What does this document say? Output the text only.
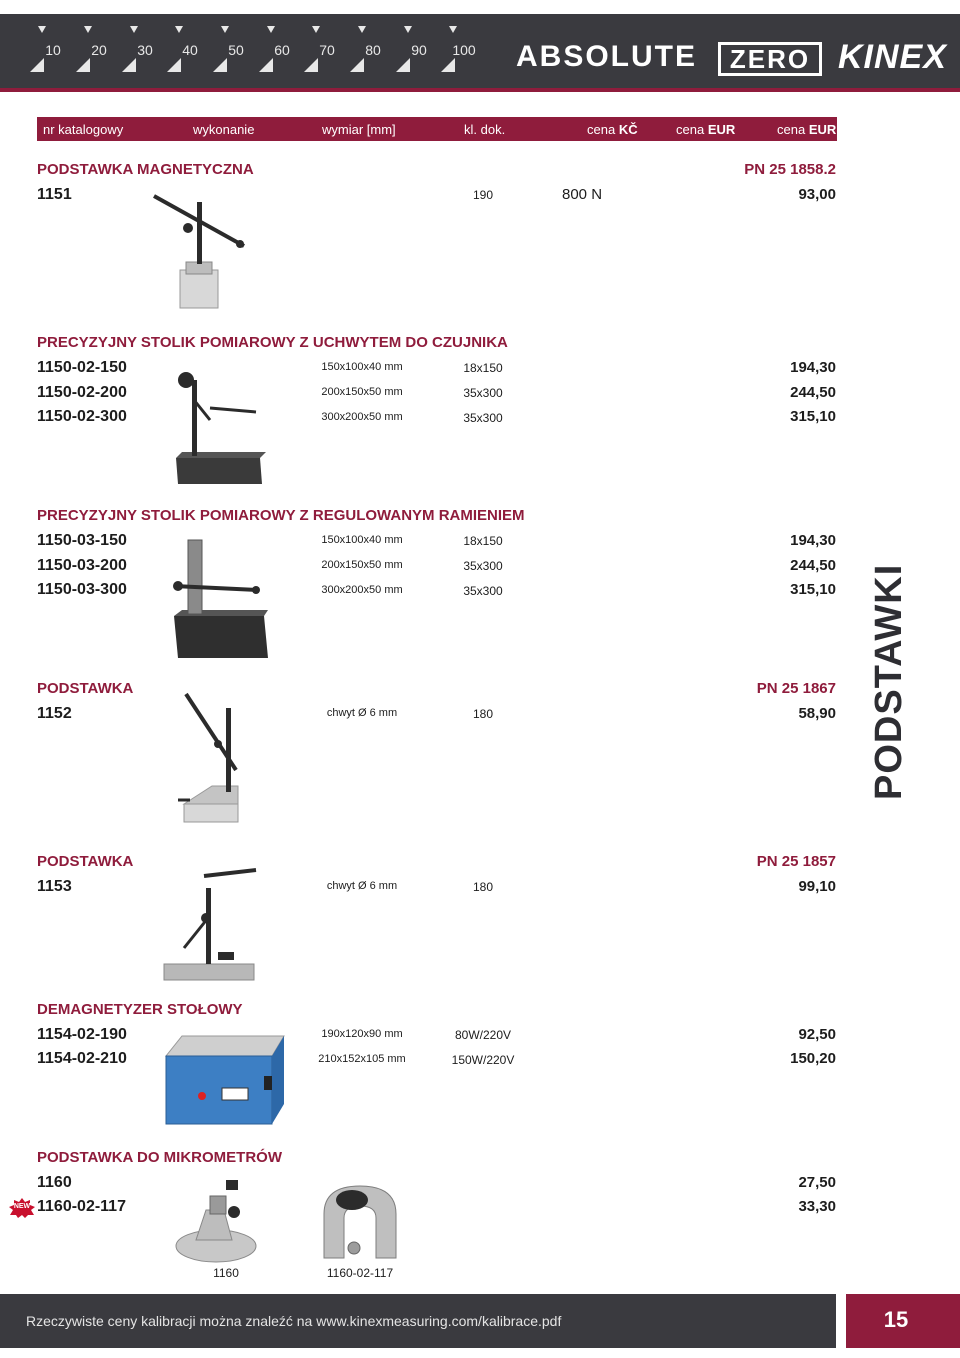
10	20	30	40	50	60	70	80	90	100 ABSOLUTE	ZERO KINEX
nr katalogowy	wykonanie	wymiar [mm]	kl. dok.	cena KČ	cena EUR	cena EUR
PODSTAWKA MAGNETYCZNA	PN 25 1858.2
1151	190	800 N	93,00
PRECYZYJNY STOLIK POMIAROWY Z UCHWYTEM DO CZUJNIKA
1150-02-150	150x100x40 mm	18x150	194,30
1150-02-200	200x150x50 mm	35x300	244,50
1150-02-300	300x200x50 mm	35x300	315,10
PRECYZYJNY STOLIK POMIAROWY Z REGULOWANYM RAMIENIEM
1150-03-150	150x100x40 mm	18x150	194,30
1150-03-200	200x150x50 mm	35x300	244,50
1150-03-300	300x200x50 mm	35x300	315,10
PODSTAWKA	PN 25 1867
1152	chwyt Ø 6 mm	180	58,90 PODSTAWKI
PODSTAWKA	PN 25 1857
1153	chwyt Ø 6 mm	180	99,10
DEMAGNETYZER STOŁOWY
1154-02-190	190x120x90 mm	80W/220V	92,50
1154-02-210	210x152x105 mm	150W/220V	150,20
PODSTAWKA DO MIKROMETRÓW
1160	27,50
1160-02-117	33,30
NEW
1160	1160-02-117
Rzeczywiste ceny kalibracji można znaleźć na www.kinexmeasuring.com/kalibrace.pdf	15
